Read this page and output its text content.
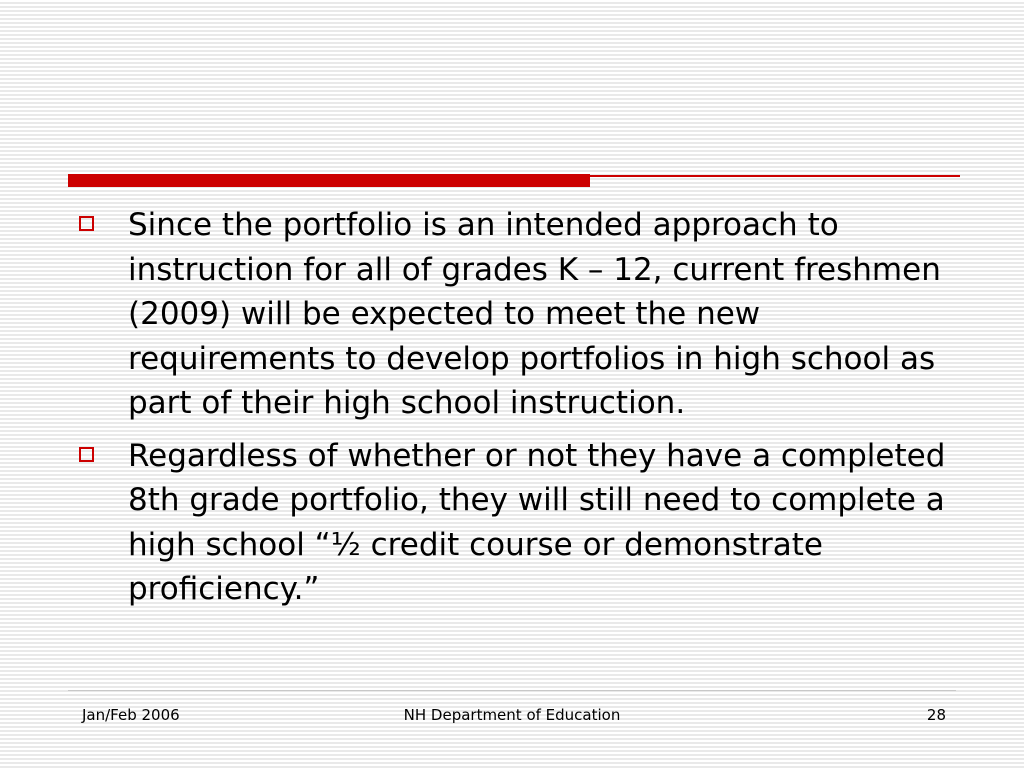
Since the portfolio is an intended approach to instruction for all of grades K – 12, current freshmen (2009) will be expected to meet the new requirements to develop portfolios in high school as part of their high school instruction.
Regardless of whether or not they have a completed 8th grade portfolio, they will still need to complete a high school “½ credit course or demonstrate proficiency.”
Jan/Feb 2006	NH Department of Education	28
